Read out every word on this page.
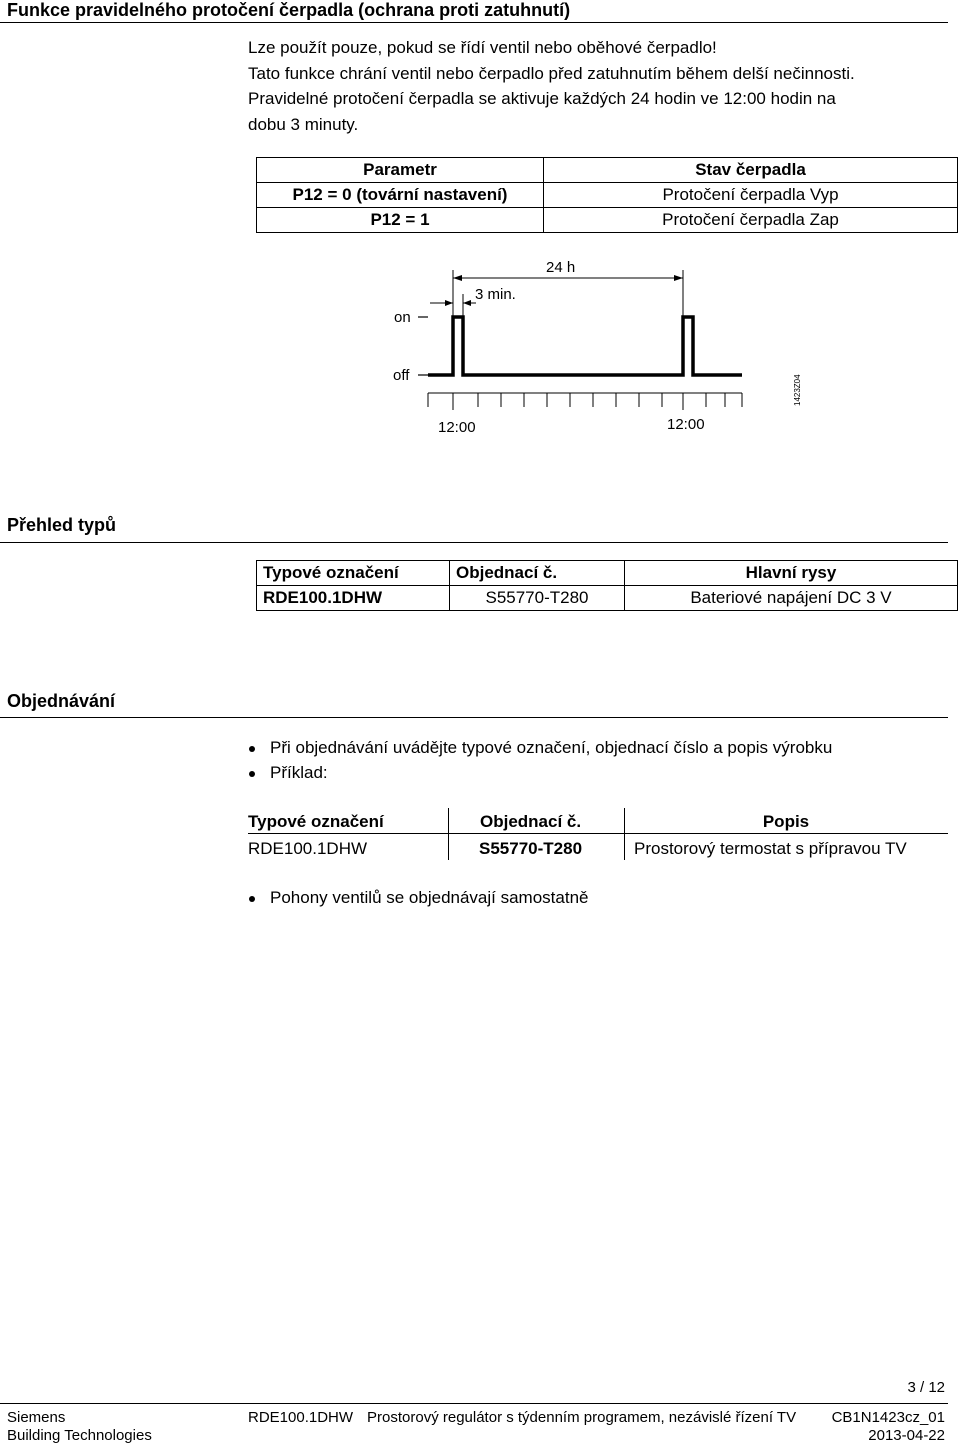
Funkce pravidelného protočení čerpadla (ochrana proti zatuhnutí)
Lze použít pouze, pokud se řídí ventil nebo oběhové čerpadlo!
Tato funkce chrání ventil nebo čerpadlo před zatuhnutím během delší nečinnosti.
Pravidelné protočení čerpadla se aktivuje každých 24 hodin ve 12:00 hodin na
dobu 3 minuty.
Parametr	Stav čerpadla
P12 = 0 (tovární nastavení)	Protočení čerpadla Vyp
P12 = 1	Protočení čerpadla Zap
on
off
24 h
3 min.
12:00	12:00
1423Z04
Přehled typů
Typové označení	Objednací č.	Hlavní rysy
RDE100.1DHW	S55770-T280	Bateriové napájení DC 3 V
Objednávání
Při objednávání uvádějte typové označení, objednací číslo a popis výrobku
Příklad:
Typové označení	Objednací č.	Popis
RDE100.1DHW	S55770-T280	Prostorový termostat s přípravou TV
Pohony ventilů se objednávají samostatně
3 / 12
Siemens
Building Technologies
RDE100.1DHW Prostorový regulátor s týdenním programem, nezávislé řízení TV CB1N1423cz_01
2013-04-22
